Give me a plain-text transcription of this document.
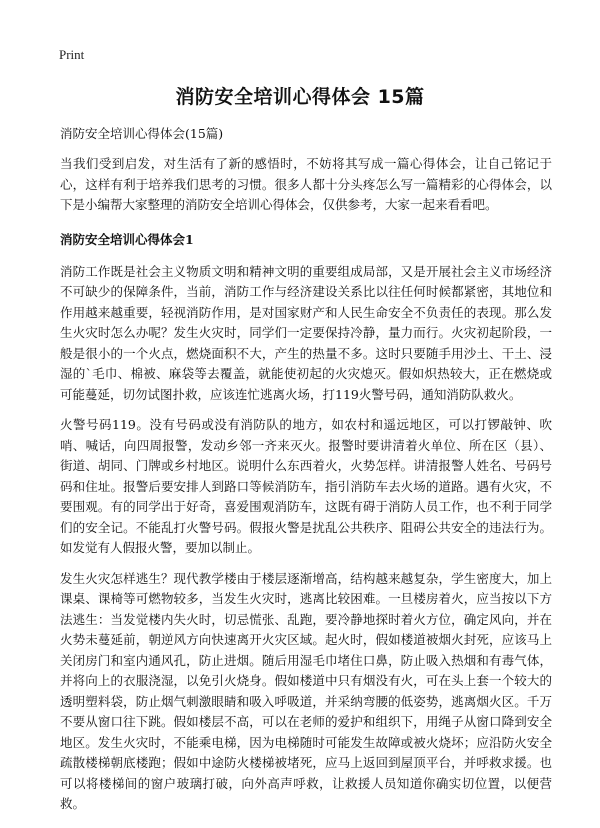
Print
消防安全培训心得体会 15篇
消防安全培训心得体会(15篇)

当我们受到启发，对生活有了新的感悟时，不妨将其写成一篇心得体会，让自己铭记于心，这样有利于培养我们思考的习惯。很多人都十分头疼怎么写一篇精彩的心得体会，以下是小编帮大家整理的消防安全培训心得体会，仅供参考，大家一起来看看吧。

消防安全培训心得体会1

消防工作既是社会主义物质文明和精神文明的重要组成局部，又是开展社会主义市场经济不可缺少的保障条件，当前，消防工作与经济建设关系比以往任何时候都紧密，其地位和作用越来越重要，轻视消防作用，是对国家财产和人民生命安全不负责任的表现。那么发生火灾时怎么办呢？发生火灾时，同学们一定要保持冷静，量力而行。火灾初起阶段，一般是很小的一个火点，燃烧面积不大，产生的热量不多。这时只要随手用沙土、干土、浸湿的`毛巾、棉被、麻袋等去覆盖，就能使初起的火灾熄灭。假如炽热较大，正在燃烧或可能蔓延，切勿试图扑救，应该连忙逃离火场，打119火警号码，通知消防队救火。

火警号码119。没有号码或没有消防队的地方，如农村和遥远地区，可以打锣敲钟、吹哨、喊话，向四周报警，发动乡邻一齐来灭火。报警时要讲清着火单位、所在区（县）、街道、胡同、门牌或乡村地区。说明什么东西着火，火势怎样。讲清报警人姓名、号码号码和住址。报警后要安排人到路口等候消防车，指引消防车去火场的道路。遇有火灾，不要围观。有的同学出于好奇，喜爱围观消防车，这既有碍于消防人员工作，也不利于同学们的安全记。不能乱打火警号码。假报火警是扰乱公共秩序、阻碍公共安全的违法行为。如发觉有人假报火警，要加以制止。

发生火灾怎样逃生？现代教学楼由于楼层逐渐增高，结构越来越复杂，学生密度大，加上课桌、课椅等可燃物较多，当发生火灾时，逃离比较困难。一旦楼房着火，应当按以下方法逃生：当发觉楼内失火时，切忌慌张、乱跑，要冷静地探时着火方位，确定风向，并在火势未蔓延前，朝逆风方向快速离开火灾区域。起火时，假如楼道被烟火封死，应该马上关闭房门和室内通风孔，防止进烟。随后用湿毛巾堵住口鼻，防止吸入热烟和有毒气体，并将向上的衣服浇湿，以免引火烧身。假如楼道中只有烟没有火，可在头上套一个较大的透明塑料袋，防止烟气刺激眼睛和吸入呼吸道，并采纳弯腰的低姿势，逃离烟火区。千万不要从窗口往下跳。假如楼层不高，可以在老师的爱护和组织下，用绳子从窗口降到安全地区。发生火灾时，不能乘电梯，因为电梯随时可能发生故障或被火烧坏；应沿防火安全疏散楼梯朝底楼跑；假如中途防火楼梯被堵死，应马上返回到屋顶平台，并呼救求援。也可以将楼梯间的窗户玻璃打破，向外高声呼救，让救援人员知道你确实切位置，以便营救。
